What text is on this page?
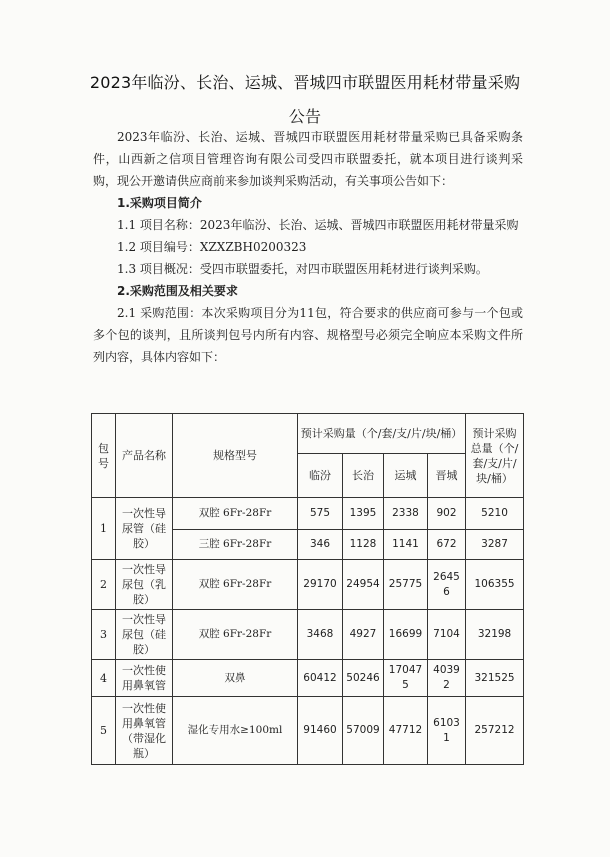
2023年临汾、长治、运城、晋城四市联盟医用耗材带量采购
公告

2023年临汾、长治、运城、晋城四市联盟医用耗材带量采购已具备采购条件，山西新之信项目管理咨询有限公司受四市联盟委托，就本项目进行谈判采购，现公开邀请供应商前来参加谈判采购活动，有关事项公告如下：

1.采购项目简介

1.1 项目名称：2023年临汾、长治、运城、晋城四市联盟医用耗材带量采购

1.2 项目编号：XZXZBH0200323

1.3 项目概况：受四市联盟委托，对四市联盟医用耗材进行谈判采购。

2.采购范围及相关要求

2.1 采购范围：本次采购项目分为11包，符合要求的供应商可参与一个包或多个包的谈判，且所谈判包号内所有内容、规格型号必须完全响应本采购文件所列内容，具体内容如下：

包号	产品名称	规格型号	预计采购量（个/套/支/片/块/桶）				预计采购总量（个/套/支/片/块/桶）
			临汾	长治	运城	晋城	
1	一次性导尿管（硅胶）	双腔 6Fr-28Fr	575	1395	2338	902	5210
		三腔 6Fr-28Fr	346	1128	1141	672	3287
2	一次性导尿包（乳胶）	双腔 6Fr-28Fr	29170	24954	25775	26456	106355
3	一次性导尿包（硅胶）	双腔 6Fr-28Fr	3468	4927	16699	7104	32198
4	一次性使用鼻氧管	双鼻	60412	50246	170475	40392	321525
5	一次性使用鼻氧管（带湿化瓶）	湿化专用水≥100ml	91460	57009	47712	61031	257212
